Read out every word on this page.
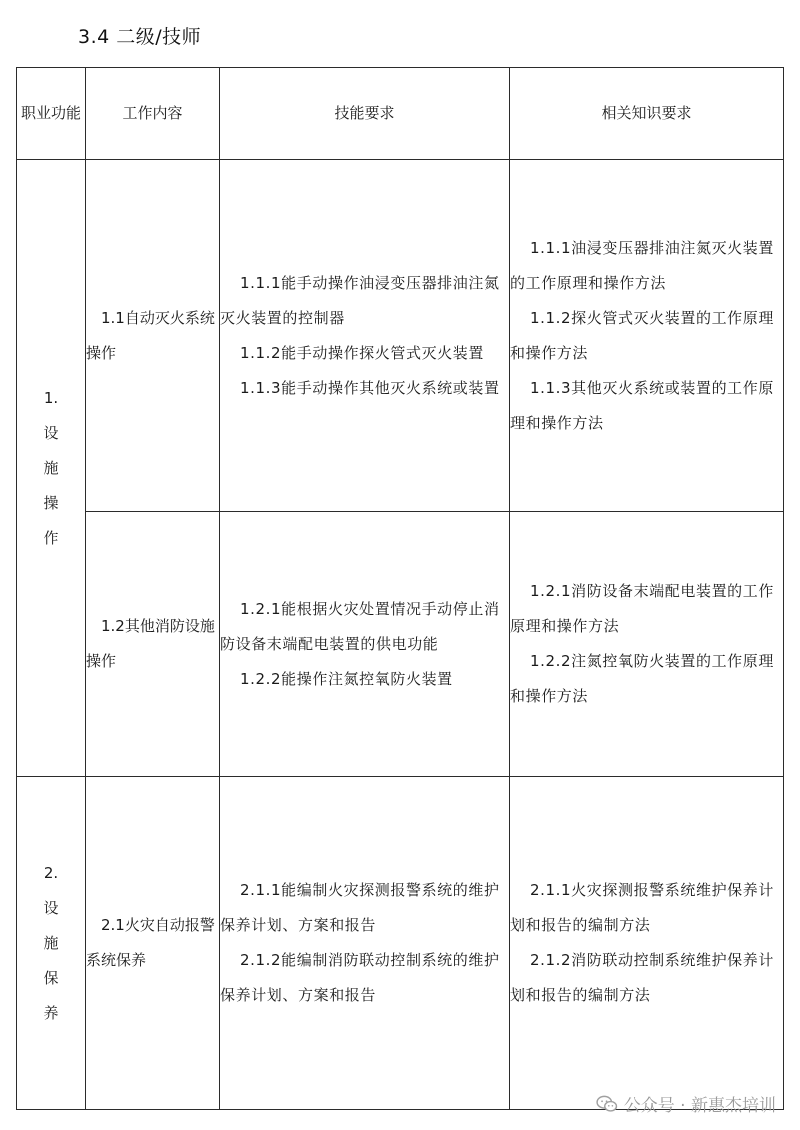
3.4 二级/技师
职业功能	工作内容	技能要求	相关知识要求
1.设施操作	1.1自动灭火系统操作	1.1.1能手动操作油浸变压器排油注氮灭火装置的控制器
1.1.2能手动操作探火管式灭火装置
1.1.3能手动操作其他灭火系统或装置	1.1.1油浸变压器排油注氮灭火装置的工作原理和操作方法
1.1.2探火管式灭火装置的工作原理和操作方法
1.1.3其他灭火系统或装置的工作原理和操作方法

	1.2其他消防设施操作	1.2.1能根据火灾处置情况手动停止消防设备末端配电装置的供电功能
1.2.2能操作注氮控氧防火装置	1.2.1消防设备末端配电装置的工作原理和操作方法
1.2.2注氮控氧防火装置的工作原理和操作方法

2.设施保养	2.1火灾自动报警系统保养	2.1.1能编制火灾探测报警系统的维护保养计划、方案和报告
2.1.2能编制消防联动控制系统的维护保养计划、方案和报告	2.1.1火灾探测报警系统维护保养计划和报告的编制方法
2.1.2消防联动控制系统维护保养计划和报告的编制方法
公众号 · 新惠杰培训
